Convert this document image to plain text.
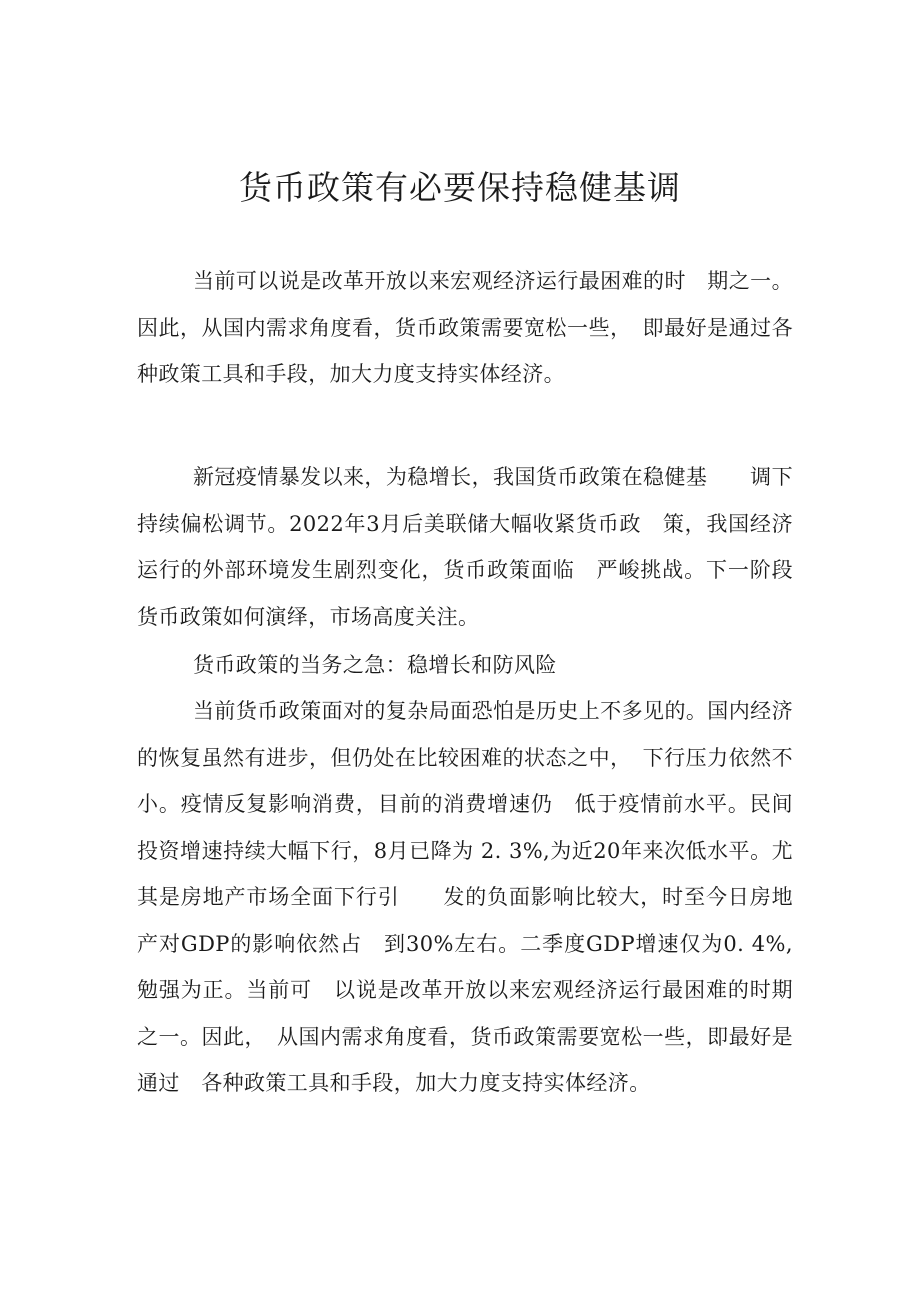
货币政策有必要保持稳健基调

当前可以说是改革开放以来宏观经济运行最困难的时　期之一。因此，从国内需求角度看，货币政策需要宽松一些，　即最好是通过各种政策工具和手段，加大力度支持实体经济。

新冠疫情暴发以来，为稳增长，我国货币政策在稳健基　　调下持续偏松调节。2022年3月后美联储大幅收紧货币政　策，我国经济运行的外部环境发生剧烈变化，货币政策面临　严峻挑战。下一阶段货币政策如何演绎，市场高度关注。

货币政策的当务之急：稳增长和防风险

当前货币政策面对的复杂局面恐怕是历史上不多见的。国内经济的恢复虽然有进步，但仍处在比较困难的状态之中，　下行压力依然不小。疫情反复影响消费，目前的消费增速仍　低于疫情前水平。民间投资增速持续大幅下行，8月已降为 2. 3%,为近20年来次低水平。尤其是房地产市场全面下行引　　发的负面影响比较大，时至今日房地产对GDP的影响依然占　到30%左右。二季度GDP增速仅为0. 4%,勉强为正。当前可　以说是改革开放以来宏观经济运行最困难的时期之一。因此，　从国内需求角度看，货币政策需要宽松一些，即最好是通过　各种政策工具和手段，加大力度支持实体经济。
